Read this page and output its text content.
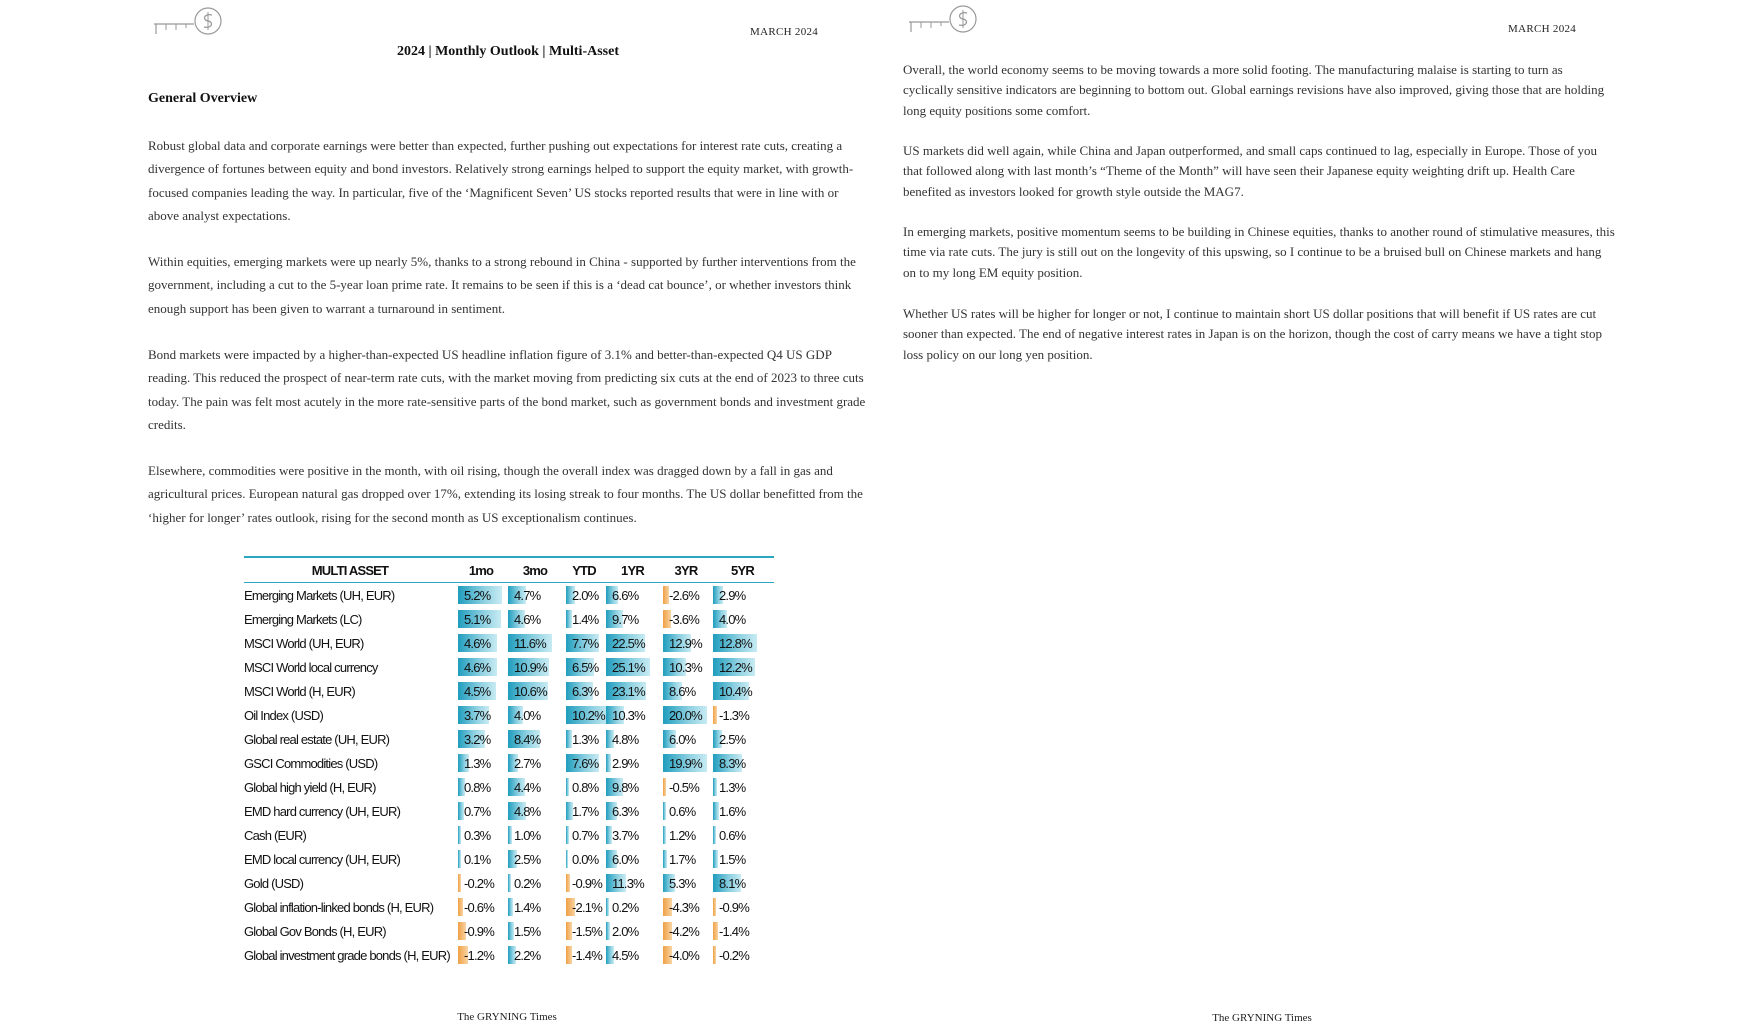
MARCH 2024
2024 | Monthly Outlook | Multi-Asset
General Overview

Robust global data and corporate earnings were better than expected, further pushing out expectations for interest rate cuts, creating a divergence of fortunes between equity and bond investors. Relatively strong earnings helped to support the equity market, with growth- focused companies leading the way. In particular, five of the ‘Magnificent Seven’ US stocks reported results that were in line with or above analyst expectations.

Within equities, emerging markets were up nearly 5%, thanks to a strong rebound in China - supported by further interventions from the government, including a cut to the 5-year loan prime rate. It remains to be seen if this is a ‘dead cat bounce’, or whether investors think enough support has been given to warrant a turnaround in sentiment.

Bond markets were impacted by a higher-than-expected US headline inflation figure of 3.1% and better-than-expected Q4 US GDP reading. This reduced the prospect of near-term rate cuts, with the market moving from predicting six cuts at the end of 2023 to three cuts today. The pain was felt most acutely in the more rate-sensitive parts of the bond market, such as government bonds and investment grade credits.

Elsewhere, commodities were positive in the month, with oil rising, though the overall index was dragged down by a fall in gas and agricultural prices. European natural gas dropped over 17%, extending its losing streak to four months. The US dollar benefitted from the ‘higher for longer’ rates outlook, rising for the second month as US exceptionalism continues.

MULTI ASSET	1mo	3mo	YTD	1YR	3YR	5YR
Emerging Markets (UH, EUR)	5.2%	4.7%	2.0%	6.6%	-2.6%	2.9%
Emerging Markets (LC)	5.1%	4.6%	1.4%	9.7%	-3.6%	4.0%
MSCI World (UH, EUR)	4.6%	11.6%	7.7%	22.5%	12.9%	12.8%
MSCI World local currency	4.6%	10.9%	6.5%	25.1%	10.3%	12.2%
MSCI World (H, EUR)	4.5%	10.6%	6.3%	23.1%	8.6%	10.4%
Oil Index (USD)	3.7%	4.0%	10.2%	10.3%	20.0%	-1.3%
Global real estate (UH, EUR)	3.2%	8.4%	1.3%	4.8%	6.0%	2.5%
GSCI Commodities (USD)	1.3%	2.7%	7.6%	2.9%	19.9%	8.3%
Global high yield (H, EUR)	0.8%	4.4%	0.8%	9.8%	-0.5%	1.3%
EMD hard currency (UH, EUR)	0.7%	4.8%	1.7%	6.3%	0.6%	1.6%
Cash (EUR)	0.3%	1.0%	0.7%	3.7%	1.2%	0.6%
EMD local currency (UH, EUR)	0.1%	2.5%	0.0%	6.0%	1.7%	1.5%
Gold (USD)	-0.2%	0.2%	-0.9%	11.3%	5.3%	8.1%
Global inflation-linked bonds (H, EUR)	-0.6%	1.4%	-2.1%	0.2%	-4.3%	-0.9%
Global Gov Bonds (H, EUR)	-0.9%	1.5%	-1.5%	2.0%	-4.2%	-1.4%
Global investment grade bonds (H, EUR)	-1.2%	2.2%	-1.4%	4.5%	-4.0%	-0.2%
The GRYNING Times
MARCH 2024

Overall, the world economy seems to be moving towards a more solid footing. The manufacturing malaise is starting to turn as cyclically sensitive indicators are beginning to bottom out. Global earnings revisions have also improved, giving those that are holding long equity positions some comfort.

US markets did well again, while China and Japan outperformed, and small caps continued to lag, especially in Europe. Those of you that followed along with last month’s “Theme of the Month” will have seen their Japanese equity weighting drift up. Health Care benefited as investors looked for growth style outside the MAG7.

In emerging markets, positive momentum seems to be building in Chinese equities, thanks to another round of stimulative measures, this time via rate cuts. The jury is still out on the longevity of this upswing, so I continue to be a bruised bull on Chinese markets and hang on to my long EM equity position.

Whether US rates will be higher for longer or not, I continue to maintain short US dollar positions that will benefit if US rates are cut sooner than expected. The end of negative interest rates in Japan is on the horizon, though the cost of carry means we have a tight stop loss policy on our long yen position.

The GRYNING Times
